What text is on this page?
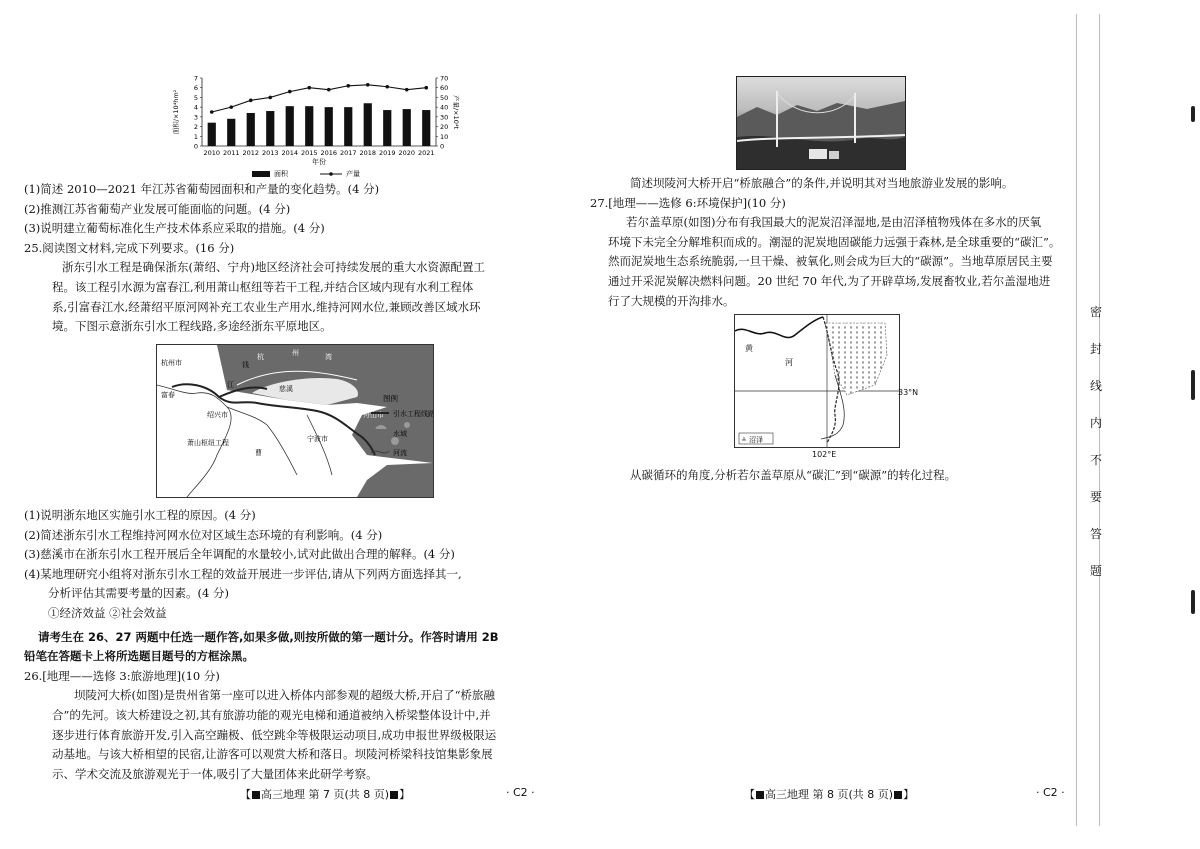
0
1
2
3
4
5
6
7
0
10
20
30
40
50
60
70
2010 2011 2012 2013 2014 2015 2016 2017 2018 2019 2020 2021
年份
面积/×10⁴hm²	产量/×10⁴t
面积	产量
(1)简述 2010—2021 年江苏省葡萄园面积和产量的变化趋势。(4 分)
(2)推测江苏省葡萄产业发展可能面临的问题。(4 分)
(3)说明建立葡萄标准化生产技术体系应采取的措施。(4 分)
25.阅读图文材料,完成下列要求。(16 分)
浙东引水工程是确保浙东(萧绍、宁舟)地区经济社会可持续发展的重大水资源配置工
程。该工程引水源为富春江,利用萧山枢纽等若干工程,并结合区域内现有水利工程体
系,引富春江水,经萧绍平原河网补充工农业生产用水,维持河网水位,兼顾改善区域水环
境。下图示意浙东引水工程线路,多途经浙东平原地区。
杭州市	钱
杭	州	湾
慈溪
舟山市
富春
江
绍兴市
萧山枢纽工程	宁波市
曹
图例
引水工程线路
水域
河流
(1)说明浙东地区实施引水工程的原因。(4 分)
(2)简述浙东引水工程维持河网水位对区域生态环境的有利影响。(4 分)
(3)慈溪市在浙东引水工程开展后全年调配的水量较小,试对此做出合理的解释。(4 分)
(4)某地理研究小组将对浙东引水工程的效益开展进一步评估,请从下列两方面选择其一,
分析评估其需要考量的因素。(4 分)
①经济效益 ②社会效益
请考生在 26、27 两题中任选一题作答,如果多做,则按所做的第一题计分。作答时请用 2B
铅笔在答题卡上将所选题目题号的方框涂黑。
26.[地理——选修 3:旅游地理](10 分)
坝陵河大桥(如图)是贵州省第一座可以进入桥体内部参观的超级大桥,开启了“桥旅融
合”的先河。该大桥建设之初,其有旅游功能的观光电梯和通道被纳入桥梁整体设计中,并
逐步进行体育旅游开发,引入高空蹦极、低空跳伞等极限运动项目,成功申报世界级极限运
动基地。与该大桥相望的民宿,让游客可以观赏大桥和落日。坝陵河桥梁科技馆集影象展
示、学术交流及旅游观光于一体,吸引了大量团体来此研学考察。
【 高三地理 第 7 页(共 8 页) 】	· C2 ·
简述坝陵河大桥开启“桥旅融合”的条件,并说明其对当地旅游业发展的影响。
27.[地理——选修 6:环境保护](10 分)
若尔盖草原(如图)分布有我国最大的泥炭沼泽湿地,是由沼泽植物残体在多水的厌氧
环境下未完全分解堆积而成的。潮湿的泥炭地固碳能力远强于森林,是全球重要的“碳汇”。
然而泥炭地生态系统脆弱,一旦干燥、被氧化,则会成为巨大的“碳源”。当地草原居民主要
通过开采泥炭解决燃料问题。20 世纪 70 年代,为了开辟草场,发展畜牧业,若尔盖湿地进
行了大规模的开沟排水。
黄
河
沼泽
33°N
102°E
从碳循环的角度,分析若尔盖草原从“碳汇”到“碳源”的转化过程。
【 高三地理 第 8 页(共 8 页) 】	· C2 ·
密
封
线
内
不
要
答
题
